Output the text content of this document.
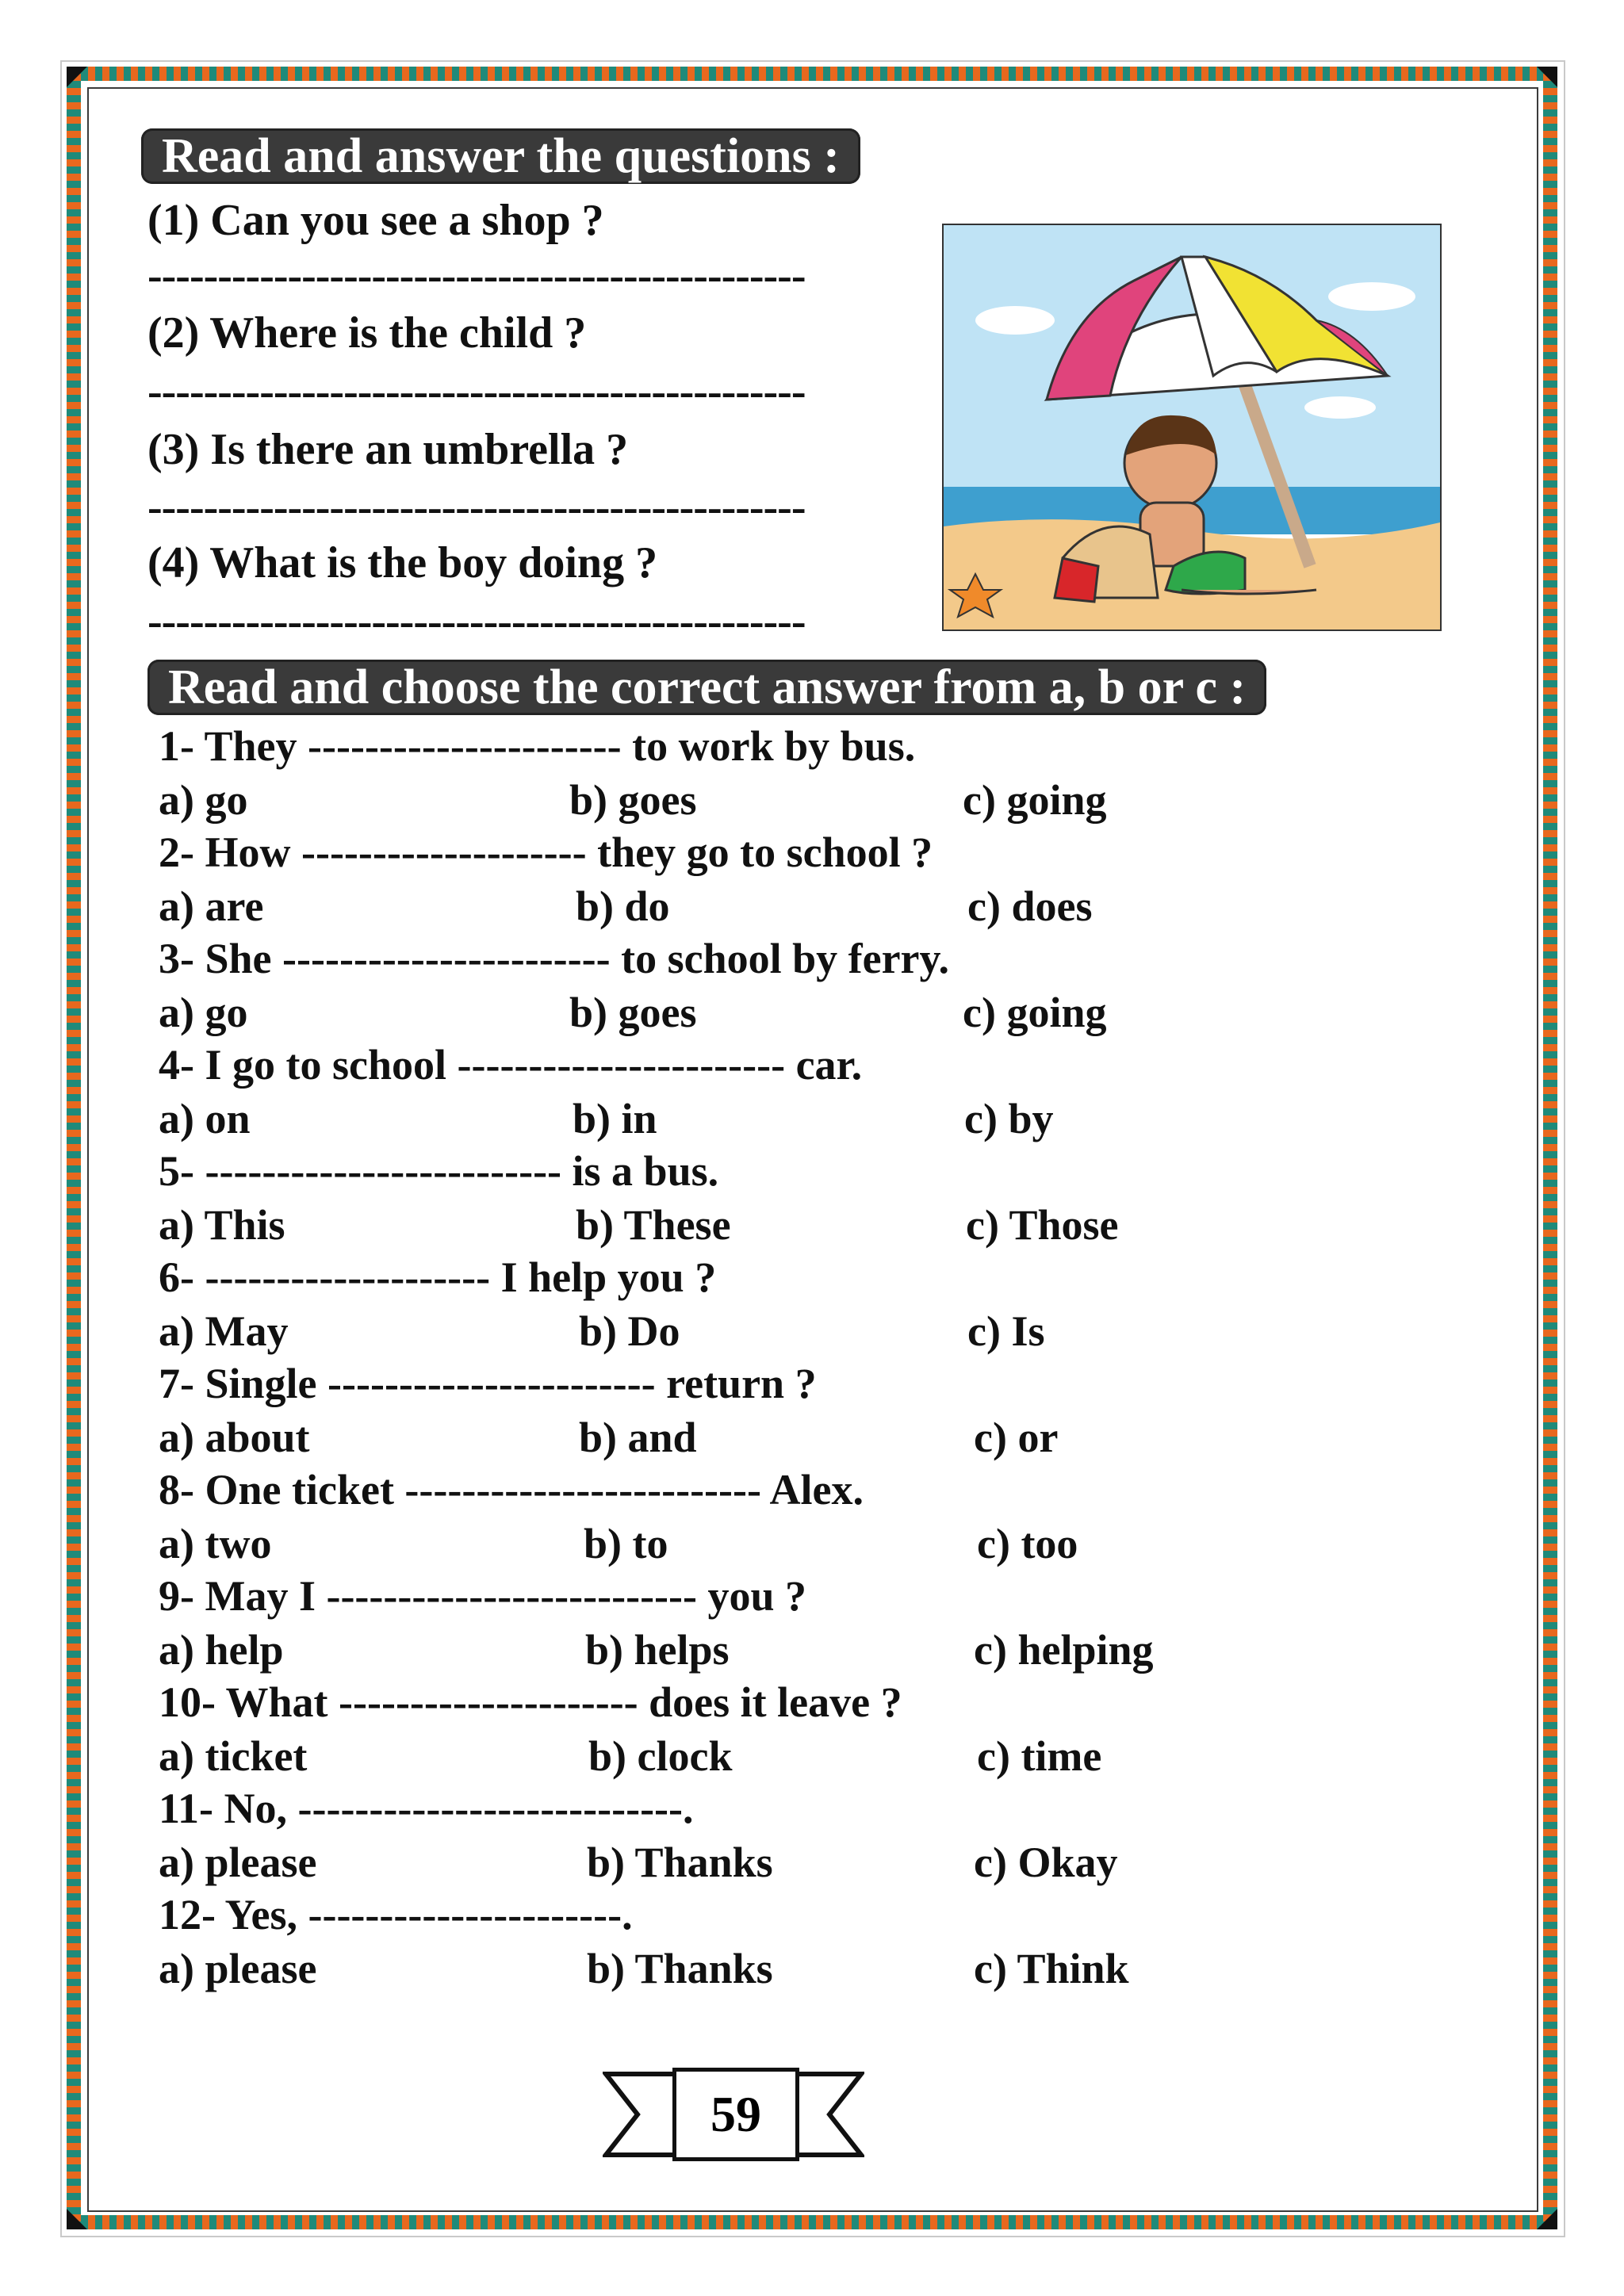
Read and answer the questions :
(1) Can you see a shop ?
-----------------------------------------------
(2) Where is the child ?
-----------------------------------------------
(3) Is there an umbrella ?
-----------------------------------------------
(4) What is the boy doing ?
-----------------------------------------------
Read and choose the correct answer from a, b or c :
1- They ---------------------- to work by bus.
a) go	b) goes	c) going
2- How -------------------- they go to school ?
a) are	b) do	c) does
3- She ----------------------- to school by ferry.
a) go	b) goes	c) going
4- I go to school ----------------------- car.
a) on	b) in	c) by
5- ------------------------- is a bus.
a) This	b) These	c) Those
6- -------------------- I help you ?
a) May	b) Do	c) Is
7- Single ----------------------- return ?
a) about	b) and	c) or
8- One ticket ------------------------- Alex.
a) two	b) to	c) too
9- May I -------------------------- you ?
a) help	b) helps	c) helping
10- What --------------------- does it leave ?
a) ticket	b) clock	c) time
11- No, ---------------------------.
a) please	b) Thanks	c) Okay
12- Yes, ----------------------.
a) please	b) Thanks	c) Think
59
